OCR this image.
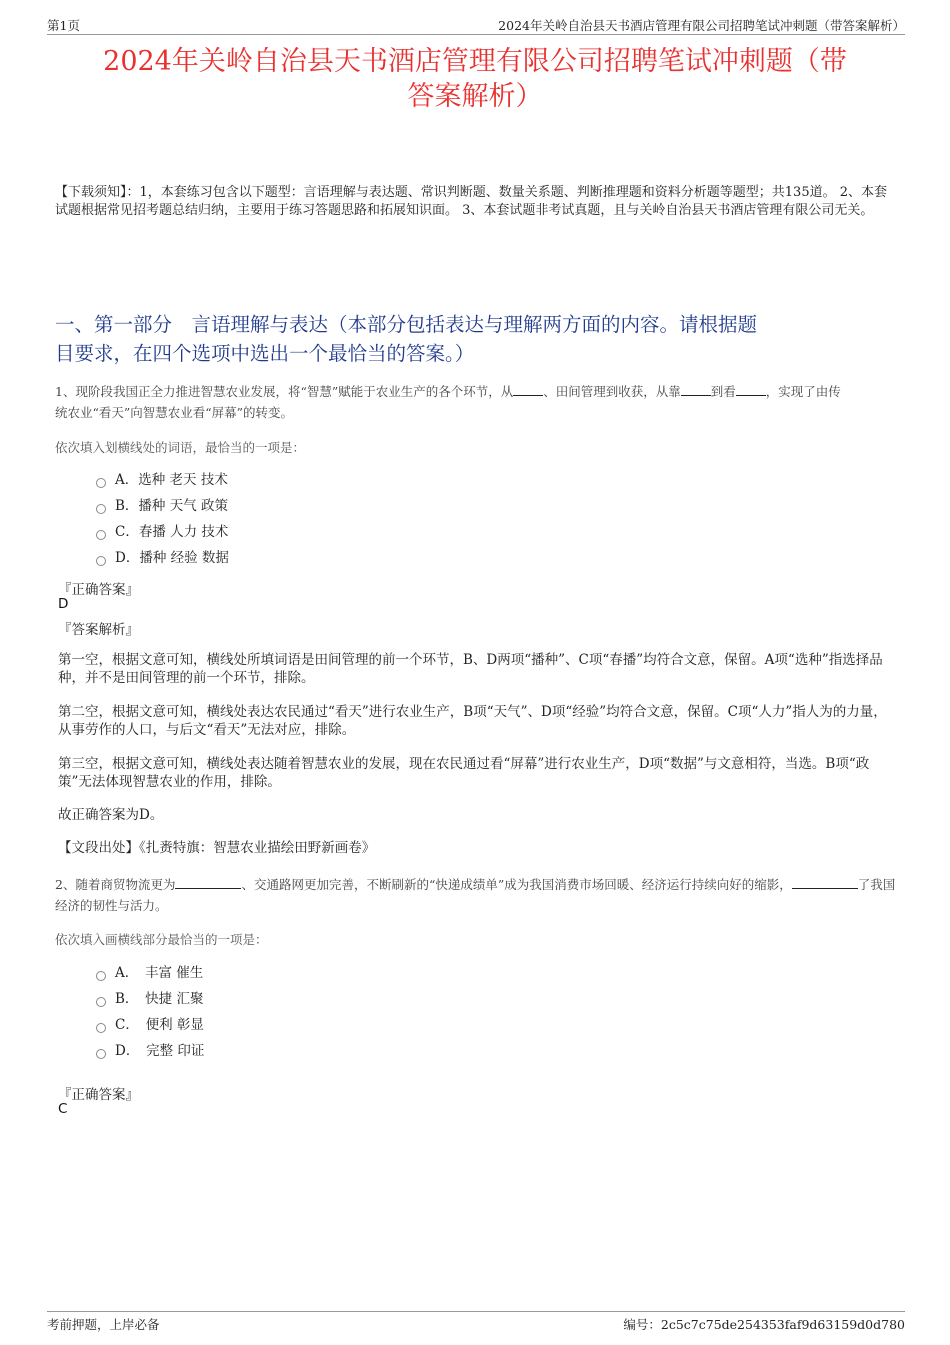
第1页	2024年关岭自治县天书酒店管理有限公司招聘笔试冲刺题（带答案解析）
2024年关岭自治县天书酒店管理有限公司招聘笔试冲刺题（带
答案解析）
【下载须知】：1，本套练习包含以下题型：言语理解与表达题、常识判断题、数量关系题、判断推理题和资料分析题等题型；共135道。 2、本套试题根据常见招考题总结归纳，主要用于练习答题思路和拓展知识面。 3、本套试题非考试真题，且与关岭自治县天书酒店管理有限公司无关。
一、第一部分　言语理解与表达（本部分包括表达与理解两方面的内容。请根据题
目要求，在四个选项中选出一个最恰当的答案。）
1、现阶段我国正全力推进智慧农业发展，将“智慧”赋能于农业生产的各个环节，从 、田间管理到收获，从靠 到看 ，实现了由传
统农业“看天”向智慧农业看“屏幕”的转变。
依次填入划横线处的词语，最恰当的一项是：
A．选种 老天 技术
B．播种 天气 政策
C．春播 人力 技术
D．播种 经验 数据
『正确答案』
D
『答案解析』
第一空，根据文意可知，横线处所填词语是田间管理的前一个环节，B、D两项“播种”、C项“春播”均符合文意，保留。A项“选种”指选择品种，并不是田间管理的前一个环节，排除。
第二空，根据文意可知，横线处表达农民通过“看天”进行农业生产，B项“天气”、D项“经验”均符合文意，保留。C项“人力”指人为的力量，从事劳作的人口，与后文“看天”无法对应，排除。
第三空，根据文意可知，横线处表达随着智慧农业的发展，现在农民通过看“屏幕”进行农业生产，D项“数据”与文意相符，当选。B项“政策”无法体现智慧农业的作用，排除。
故正确答案为D。
【文段出处】《扎赉特旗：智慧农业描绘田野新画卷》
2、随着商贸物流更为	、交通路网更加完善，不断刷新的“快递成绩单”成为我国消费市场回暖、经济运行持续向好的缩影，	了我国经济的韧性与活力。
依次填入画横线部分最恰当的一项是：
A．　丰富 催生
B．　快捷 汇聚
C．　便利 彰显
D．　完整 印证
『正确答案』
C
考前押题，上岸必备	编号：2c5c7c75de254353faf9d63159d0d780
